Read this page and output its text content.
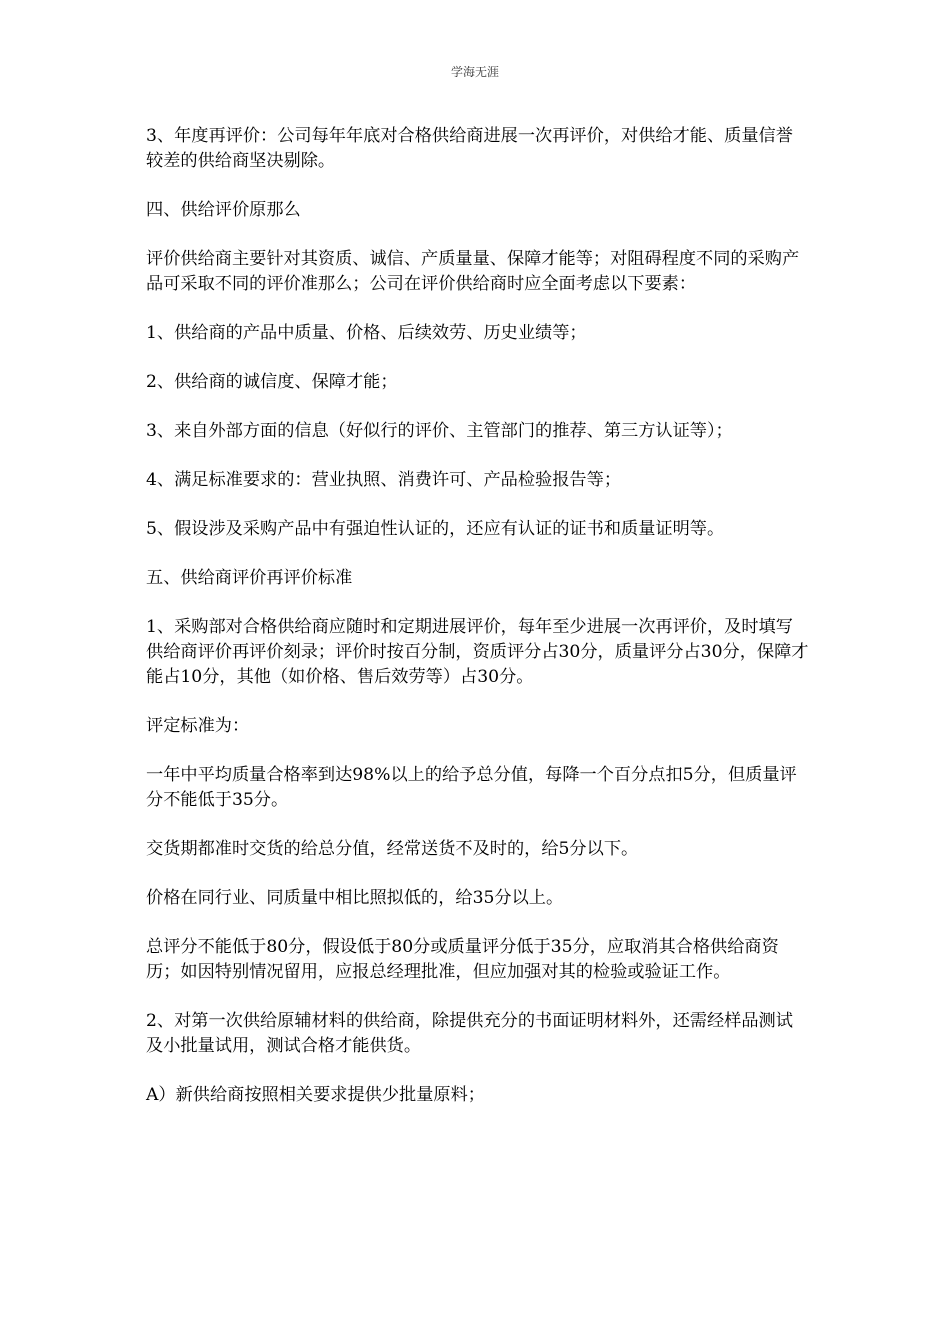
学海无涯

3、年度再评价：公司每年年底对合格供给商进展一次再评价，对供给才能、质量信誉较差的供给商坚决剔除。

四、供给评价原那么

评价供给商主要针对其资质、诚信、产质量量、保障才能等；对阻碍程度不同的采购产品可采取不同的评价准那么；公司在评价供给商时应全面考虑以下要素：

1、供给商的产品中质量、价格、后续效劳、历史业绩等；

2、供给商的诚信度、保障才能；

3、来自外部方面的信息（好似行的评价、主管部门的推荐、第三方认证等）；

4、满足标准要求的：营业执照、消费许可、产品检验报告等；

5、假设涉及采购产品中有强迫性认证的，还应有认证的证书和质量证明等。

五、供给商评价再评价标准

1、采购部对合格供给商应随时和定期进展评价，每年至少进展一次再评价，及时填写供给商评价再评价刻录；评价时按百分制，资质评分占30分，质量评分占30分，保障才能占10分，其他（如价格、售后效劳等）占30分。

评定标准为：

一年中平均质量合格率到达98%以上的给予总分值，每降一个百分点扣5分，但质量评分不能低于35分。

交货期都准时交货的给总分值，经常送货不及时的，给5分以下。

价格在同行业、同质量中相比照拟低的，给35分以上。

总评分不能低于80分，假设低于80分或质量评分低于35分，应取消其合格供给商资历；如因特别情况留用，应报总经理批准，但应加强对其的检验或验证工作。

2、对第一次供给原辅材料的供给商，除提供充分的书面证明材料外，还需经样品测试及小批量试用，测试合格才能供货。

A）新供给商按照相关要求提供少批量原料；
